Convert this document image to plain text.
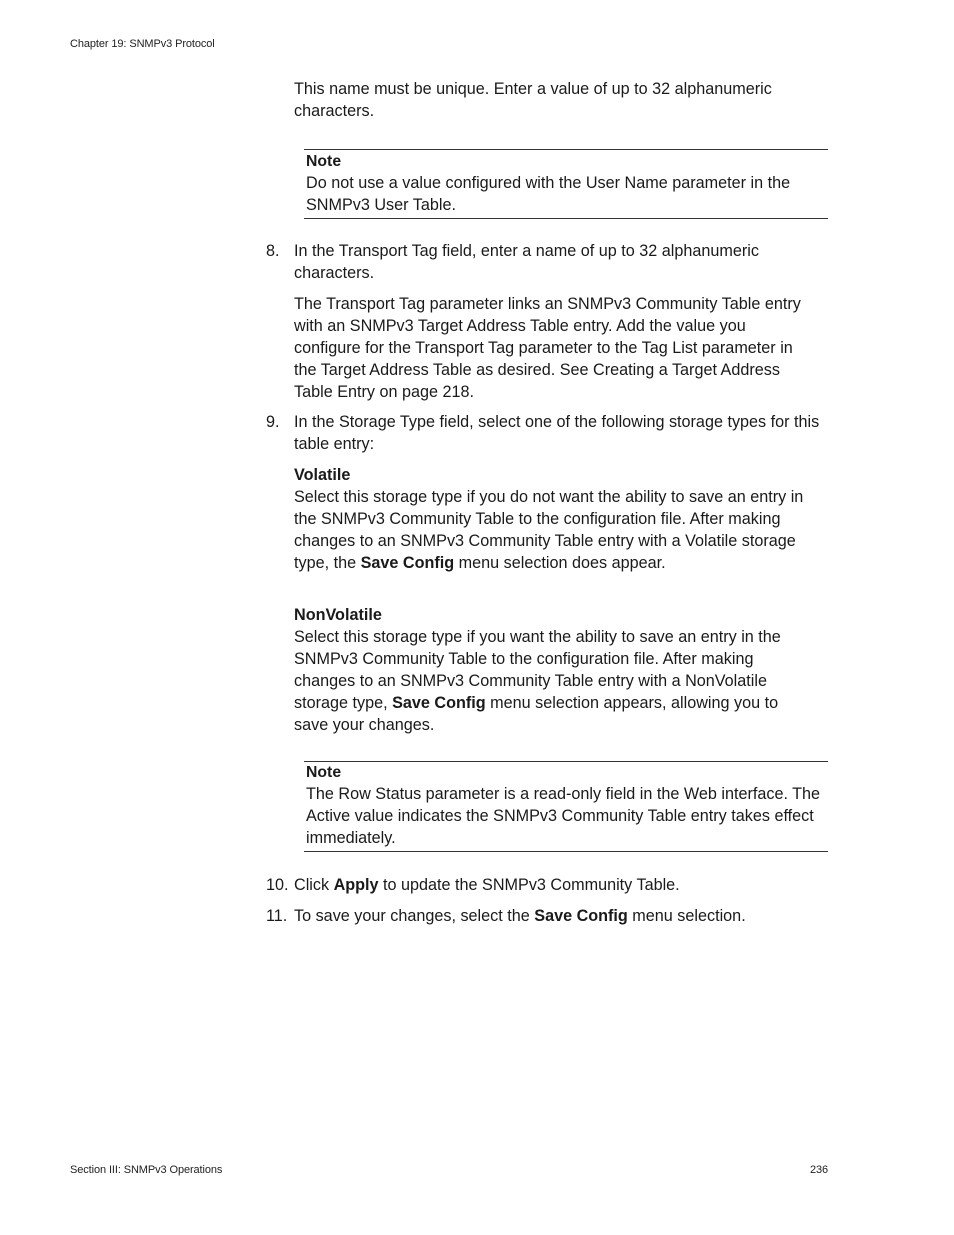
Chapter 19: SNMPv3 Protocol

This name must be unique. Enter a value of up to 32 alphanumeric characters.

Note
Do not use a value configured with the User Name parameter in the SNMPv3 User Table.
8. In the Transport Tag field, enter a name of up to 32 alphanumeric characters.

The Transport Tag parameter links an SNMPv3 Community Table entry with an SNMPv3 Target Address Table entry. Add the value you configure for the Transport Tag parameter to the Tag List parameter in the Target Address Table as desired. See Creating a Target Address Table Entry on page 218.

9. In the Storage Type field, select one of the following storage types for this table entry:

Volatile
Select this storage type if you do not want the ability to save an entry in the SNMPv3 Community Table to the configuration file. After making changes to an SNMPv3 Community Table entry with a Volatile storage type, the Save Config menu selection does appear.
NonVolatile
Select this storage type if you want the ability to save an entry in the SNMPv3 Community Table to the configuration file. After making changes to an SNMPv3 Community Table entry with a NonVolatile storage type, Save Config menu selection appears, allowing you to save your changes.
Note
The Row Status parameter is a read-only field in the Web interface. The Active value indicates the SNMPv3 Community Table entry takes effect immediately.
10. Click Apply to update the SNMPv3 Community Table.

11. To save your changes, select the Save Config menu selection.

Section III: SNMPv3 Operations	236
